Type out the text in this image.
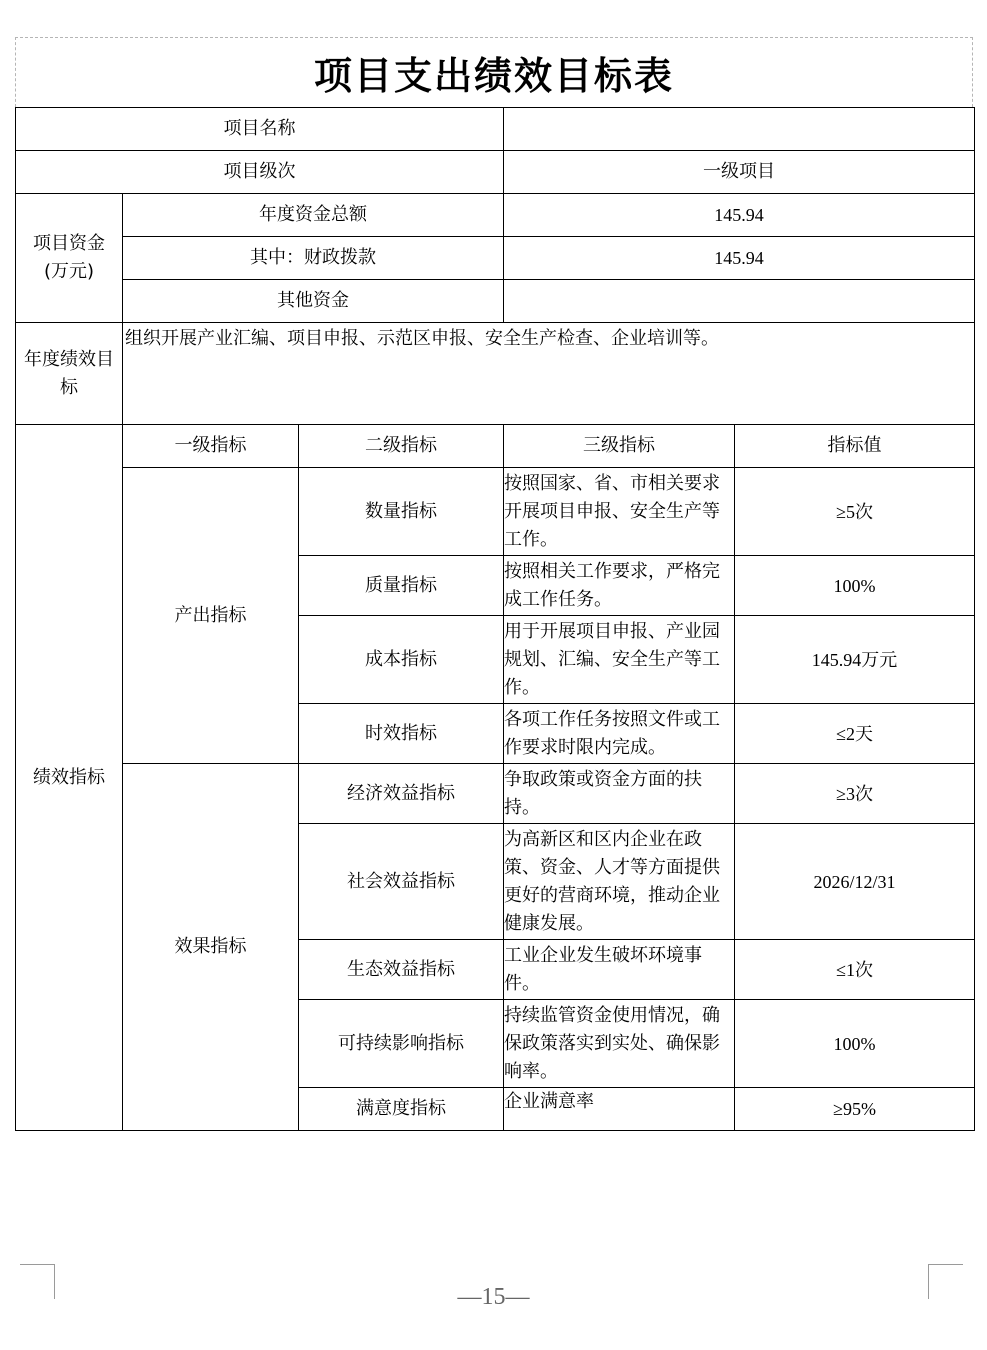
项目支出绩效目标表
项目名称				
项目级次			一级项目	
项目资金(万元)	年度资金总额		145.94	
	其中：财政拨款		145.94	
	其他资金			
年度绩效目标	组织开展产业汇编、项目申报、示范区申报、安全生产检查、企业培训等。			
绩效指标	一级指标	二级指标	三级指标	指标值
	产出指标	数量指标	按照国家、省、市相关要求开展项目申报、安全生产等工作。	≥5次
		质量指标	按照相关工作要求，严格完成工作任务。	100%
		成本指标	用于开展项目申报、产业园规划、汇编、安全生产等工作。	145.94万元
		时效指标	各项工作任务按照文件或工作要求时限内完成。	≤2天
	效果指标	经济效益指标	争取政策或资金方面的扶持。	≥3次
		社会效益指标	为高新区和区内企业在政策、资金、人才等方面提供更好的营商环境，推动企业健康发展。	2026/12/31
		生态效益指标	工业企业发生破坏环境事件。	≤1次
		可持续影响指标	持续监管资金使用情况，确保政策落实到实处、确保影响率。	100%
		满意度指标	企业满意率	≥95%
—15—
